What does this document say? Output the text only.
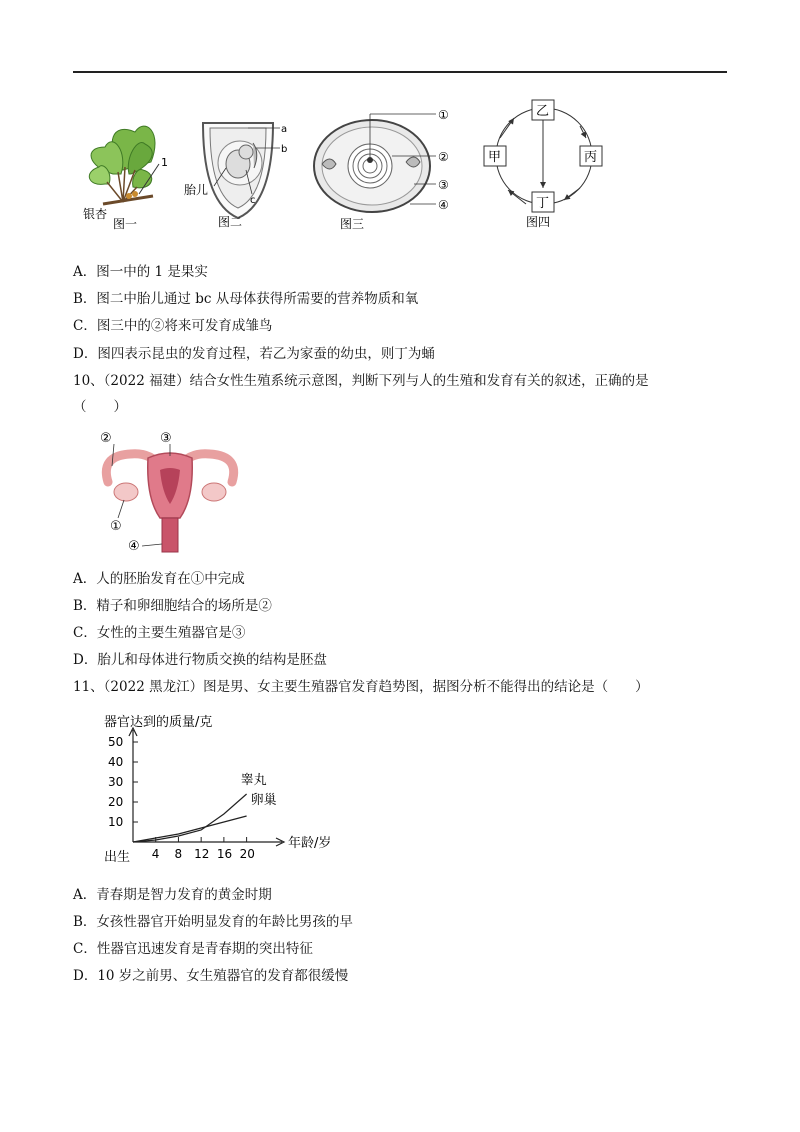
1
银杏
图一
a
b
c
胎儿
图二
①
②
③
④
图三
乙
甲	丙
丁
图四
A．图一中的 1 是果实
B．图二中胎儿通过 bc 从母体获得所需要的营养物质和氧
C．图三中的②将来可发育成雏鸟
D．图四表示昆虫的发育过程，若乙为家蚕的幼虫，则丁为蛹
10、（2022 福建）结合女性生殖系统示意图，判断下列与人的生殖和发育有关的叙述，正确的是
（　　）
②	③
①
④
A．人的胚胎发育在①中完成
B．精子和卵细胞结合的场所是②
C．女性的主要生殖器官是③
D．胎儿和母体进行物质交换的结构是胚盘
11、（2022 黑龙江）图是男、女主要生殖器官发育趋势图，据图分析不能得出的结论是（　　）
器官达到的质量/克
年龄/岁
出生
10
20
30
40
50
4 8 12 16 20
睾丸
卵巢
A．青春期是智力发育的黄金时期
B．女孩性器官开始明显发育的年龄比男孩的早
C．性器官迅速发育是青春期的突出特征
D．10 岁之前男、女生殖器官的发育都很缓慢
